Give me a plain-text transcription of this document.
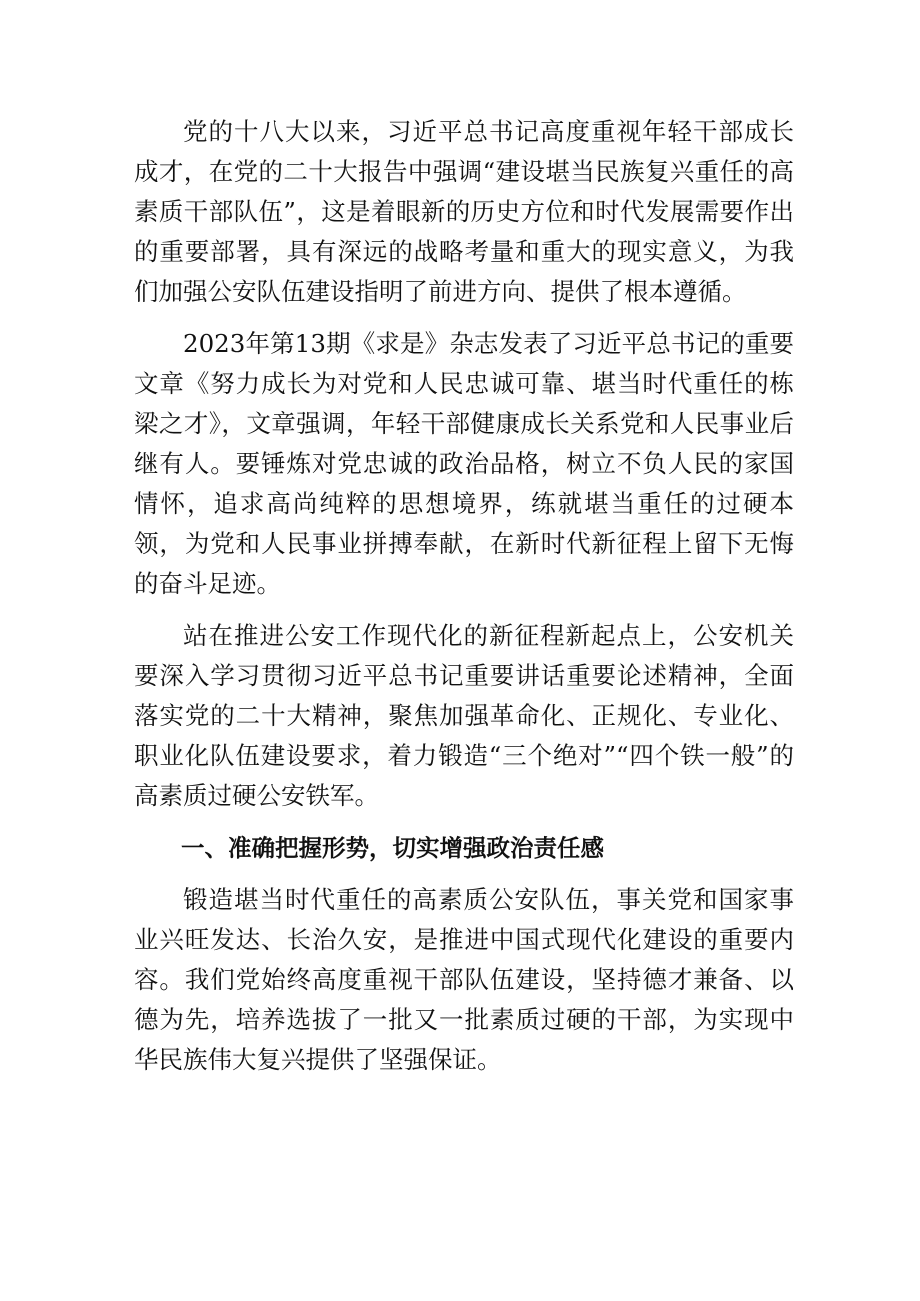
党的十八大以来，习近平总书记高度重视年轻干部成长成才，在党的二十大报告中强调“建设堪当民族复兴重任的高素质干部队伍”，这是着眼新的历史方位和时代发展需要作出的重要部署，具有深远的战略考量和重大的现实意义，为我们加强公安队伍建设指明了前进方向、提供了根本遵循。

2023年第13期《求是》杂志发表了习近平总书记的重要文章《努力成长为对党和人民忠诚可靠、堪当时代重任的栋梁之才》，文章强调，年轻干部健康成长关系党和人民事业后继有人。要锤炼对党忠诚的政治品格，树立不负人民的家国情怀，追求高尚纯粹的思想境界，练就堪当重任的过硬本领，为党和人民事业拼搏奉献，在新时代新征程上留下无悔的奋斗足迹。

站在推进公安工作现代化的新征程新起点上，公安机关要深入学习贯彻习近平总书记重要讲话重要论述精神，全面落实党的二十大精神，聚焦加强革命化、正规化、专业化、职业化队伍建设要求，着力锻造“三个绝对”“四个铁一般”的高素质过硬公安铁军。

一、准确把握形势，切实增强政治责任感

锻造堪当时代重任的高素质公安队伍，事关党和国家事业兴旺发达、长治久安，是推进中国式现代化建设的重要内容。我们党始终高度重视干部队伍建设，坚持德才兼备、以德为先，培养选拔了一批又一批素质过硬的干部，为实现中华民族伟大复兴提供了坚强保证。
